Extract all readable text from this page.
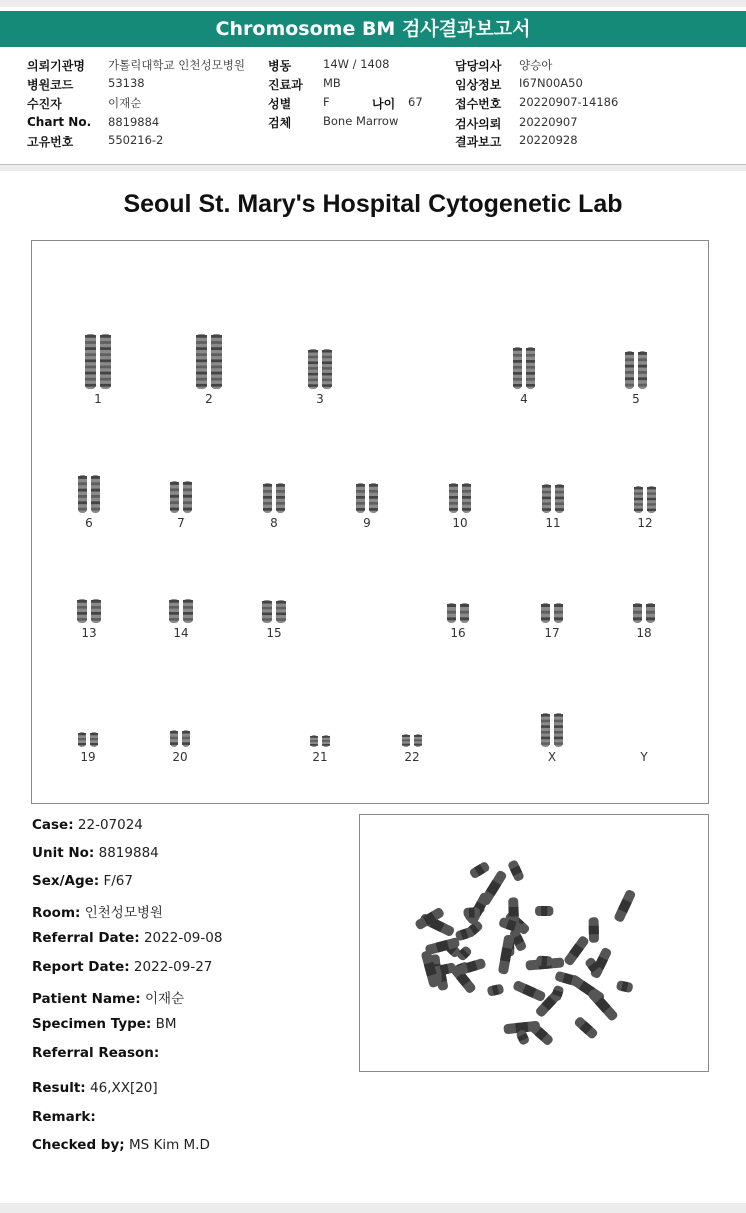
Chromosome BM 검사결과보고서
의뢰기관명 가톨릭대학교 인천성모병원
병원코드	53138
수진자	이재순
Chart No. 8819884
고유번호	550216-2
병동	14W / 1408
진료과 MB
성별	F	나이 67
검체	Bone Marrow
담당의사 양승아
임상정보 I67N00A50
접수번호 20220907-14186
검사의뢰 20220907
결과보고 20220928
Seoul St. Mary's Hospital Cytogenetic Lab
1	2	3	4	5
6	7	8	9	10	11	12
13	14	15	16	17	18
19	20	21	22	X	Y
Case: 22-07024
Unit No: 8819884
Sex/Age: F/67
Room: 인천성모병원
Referral Date: 2022-09-08
Report Date: 2022-09-27
Patient Name: 이재순
Specimen Type: BM
Referral Reason:
Result: 46,XX[20]
Remark:
Checked by; MS Kim M.D
